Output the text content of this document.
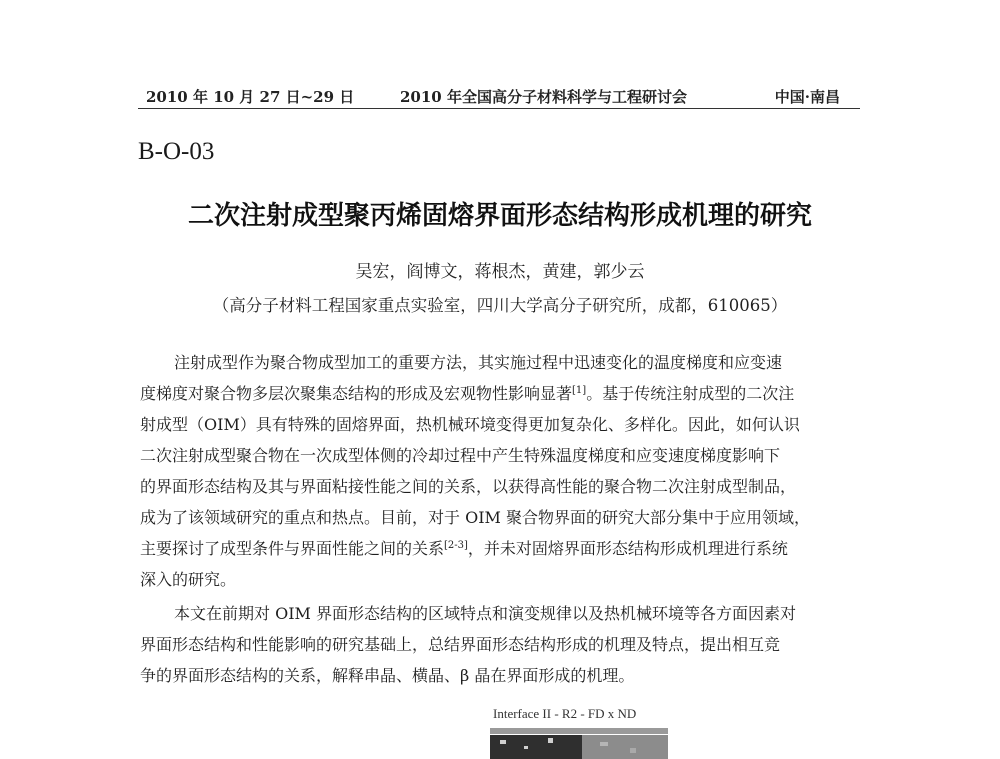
2010 年 10 月 27 日~29 日	2010 年全国高分子材料科学与工程研讨会	中国·南昌
B-O-03
二次注射成型聚丙烯固熔界面形态结构形成机理的研究
吴宏，阎博文，蒋根杰，黄建，郭少云
（高分子材料工程国家重点实验室，四川大学高分子研究所，成都，610065）
注射成型作为聚合物成型加工的重要方法，其实施过程中迅速变化的温度梯度和应变速
度梯度对聚合物多层次聚集态结构的形成及宏观物性影响显著[1]。基于传统注射成型的二次注
射成型（OIM）具有特殊的固熔界面，热机械环境变得更加复杂化、多样化。因此，如何认识
二次注射成型聚合物在一次成型体侧的冷却过程中产生特殊温度梯度和应变速度梯度影响下
的界面形态结构及其与界面粘接性能之间的关系，以获得高性能的聚合物二次注射成型制品，
成为了该领域研究的重点和热点。目前，对于 OIM 聚合物界面的研究大部分集中于应用领域，
主要探讨了成型条件与界面性能之间的关系[2-3]，并未对固熔界面形态结构形成机理进行系统
深入的研究。
本文在前期对 OIM 界面形态结构的区域特点和演变规律以及热机械环境等各方面因素对
界面形态结构和性能影响的研究基础上，总结界面形态结构形成的机理及特点，提出相互竞
争的界面形态结构的关系，解释串晶、横晶、β 晶在界面形成的机理。
Interface II - R2 - FD x ND
